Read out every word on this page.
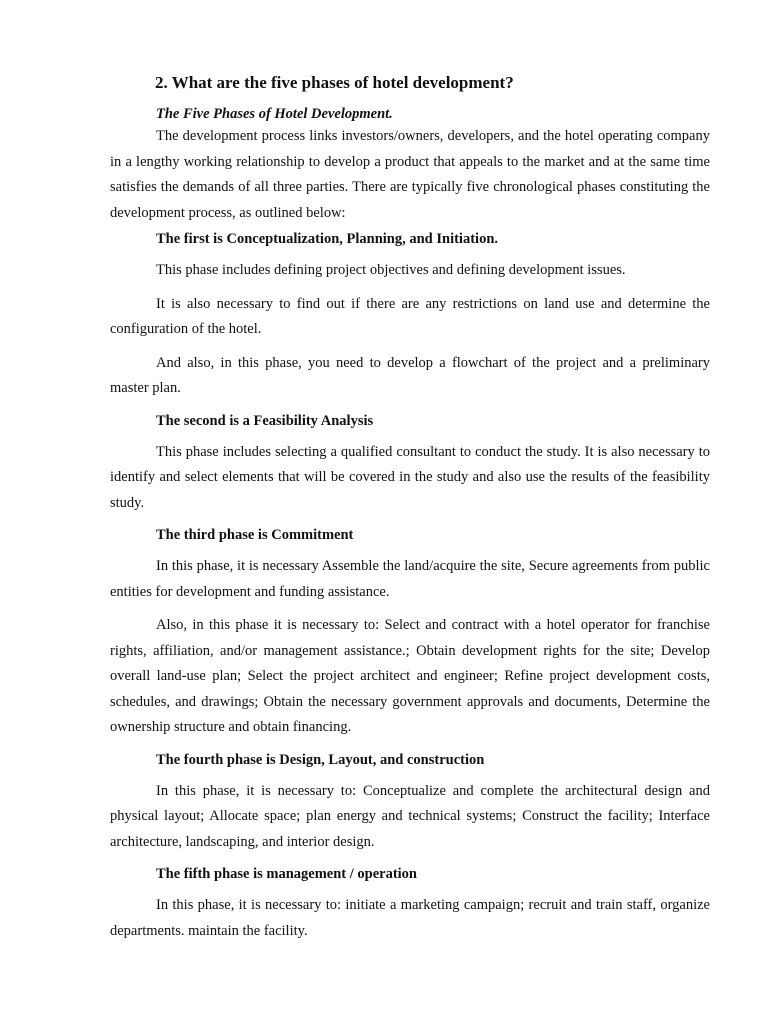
2. What are the five phases of hotel development?

The Five Phases of Hotel Development.

The development process links investors/owners, developers, and the hotel operating company in a lengthy working relationship to develop a product that appeals to the market and at the same time satisfies the demands of all three parties. There are typically five chronological phases constituting the development process, as outlined below:

The first is Conceptualization, Planning, and Initiation.

This phase includes defining project objectives and defining development issues.

It is also necessary to find out if there are any restrictions on land use and determine the configuration of the hotel.

And also, in this phase, you need to develop a flowchart of the project and a preliminary master plan.

The second is a Feasibility Analysis

This phase includes selecting a qualified consultant to conduct the study. It is also necessary to identify and select elements that will be covered in the study and also use the results of the feasibility study.

The third phase is Commitment

In this phase, it is necessary Assemble the land/acquire the site, Secure agreements from public entities for development and funding assistance.

Also, in this phase it is necessary to: Select and contract with a hotel operator for franchise rights, affiliation, and/or management assistance.; Obtain development rights for the site; Develop overall land-use plan; Select the project architect and engineer; Refine project development costs, schedules, and drawings; Obtain the necessary government approvals and documents, Determine the ownership structure and obtain financing.

The fourth phase is Design, Layout, and construction

In this phase, it is necessary to: Conceptualize and complete the architectural design and physical layout; Allocate space; plan energy and technical systems; Construct the facility; Interface architecture, landscaping, and interior design.

The fifth phase is management / operation

In this phase, it is necessary to: initiate a marketing campaign; recruit and train staff, organize departments. maintain the facility.
